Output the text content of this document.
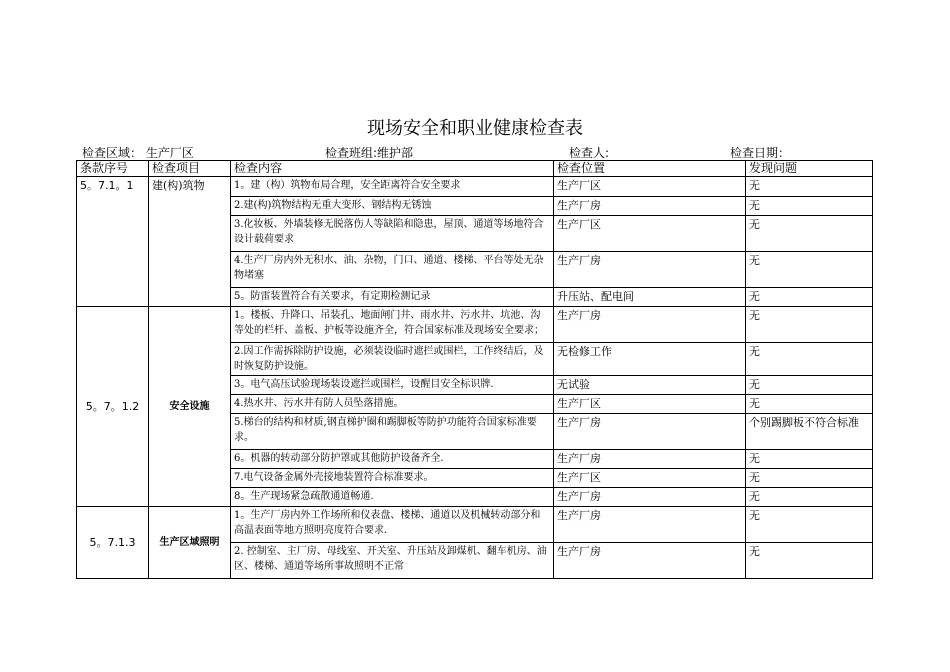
现场安全和职业健康检查表
检查区域： 生产厂区	检查班组:维护部	检查人:	检查日期：
条款序号	检查项目	检查内容	检查位置	发现问题
5。7.1。1	建(构)筑物	1。建（构）筑物布局合理，安全距离符合安全要求	生产厂区	无
		2.建(构)筑物结构无重大变形、钢结构无锈蚀	生产厂房	无
		3.化妆板、外墙装修无脱落伤人等缺陷和隐患，屋顶、通道等场地符合设计载荷要求	生产厂区	无
		4.生产厂房内外无积水、油、杂物，门口、通道、楼梯、平台等处无杂物堵塞	生产厂房	无
		5。防雷装置符合有关要求，有定期检测记录	升压站、配电间	无
5。7。1.2	安全设施	1。楼板、升降口、吊装孔、地面闸门井、雨水井、污水井、坑池、沟等处的栏杆、盖板、护板等设施齐全，符合国家标准及现场安全要求；	生产厂房	无
		2.因工作需拆除防护设施，必须装设临时遮拦或围栏，工作终结后，及时恢复防护设施。	无检修工作	无
		3。电气高压试验现场装设遮拦或围栏，设醒目安全标识牌.	无试验	无
		4.热水井、污水井有防人员坠落措施。	生产厂区	无
		5.梯台的结构和材质,钢直梯护圈和踢脚板等防护功能符合国家标准要求。	生产厂房	个别踢脚板不符合标准
		6。机器的转动部分防护罩或其他防护设备齐全.	生产厂房	无
		7.电气设备金属外壳接地装置符合标准要求。	生产厂区	无
		8。生产现场紧急疏散通道畅通.	生产厂房	无
5。7.1.3	生产区域照明	1。生产厂房内外工作场所和仪表盘、楼梯、通道以及机械转动部分和高温表面等地方照明亮度符合要求.	生产厂房	无
		2. 控制室、主厂房、母线室、开关室、升压站及卸煤机、翻车机房、油区、楼梯、通道等场所事故照明不正常	生产厂房	无
